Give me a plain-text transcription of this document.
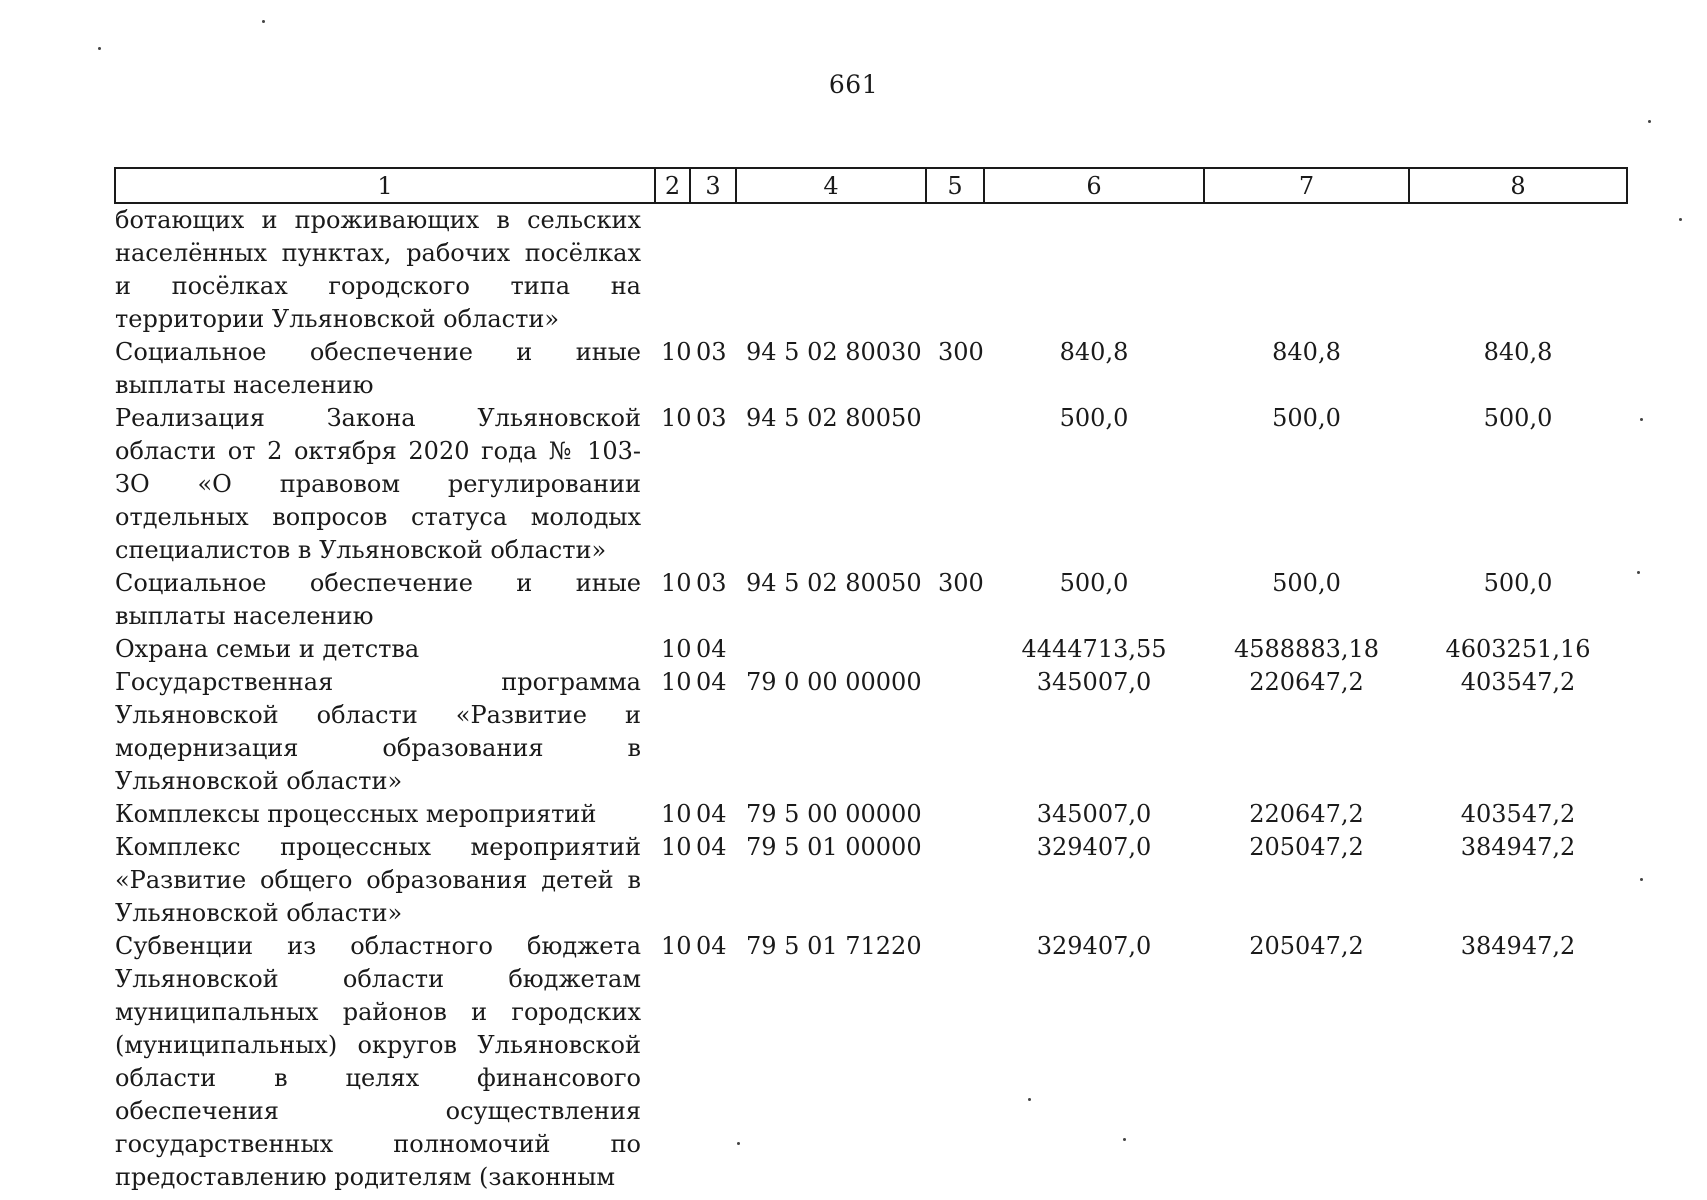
661
1	2	3	4	5	6	7	8
ботающих и проживающих в сельских населённых пунктах, рабочих посёлках и посёлках городского типа на территории Ульяновской области»							
Социальное обеспечение и иные выплаты населению	10	03	94 5 02 80030	300	840,8	840,8	840,8
Реализация Закона Ульяновской области от 2 октября 2020 года № 103-ЗО «О правовом регулировании отдельных вопросов статуса молодых специалистов в Ульяновской области»	10	03	94 5 02 80050		500,0	500,0	500,0
Социальное обеспечение и иные выплаты населению	10	03	94 5 02 80050	300	500,0	500,0	500,0
Охрана семьи и детства	10	04			4444713,55	4588883,18	4603251,16
Государственная программа Ульяновской области «Развитие и модернизация образования в Ульяновской области»	10	04	79 0 00 00000		345007,0	220647,2	403547,2
Комплексы процессных мероприятий	10	04	79 5 00 00000		345007,0	220647,2	403547,2
Комплекс процессных мероприятий «Развитие общего образования детей в Ульяновской области»	10	04	79 5 01 00000		329407,0	205047,2	384947,2
Субвенции из областного бюджета Ульяновской области бюджетам муниципальных районов и городских (муниципальных) округов Ульяновской области в целях финансового обеспечения осуществления государственных полномочий по предоставлению родителям (законным	10	04	79 5 01 71220		329407,0	205047,2	384947,2
